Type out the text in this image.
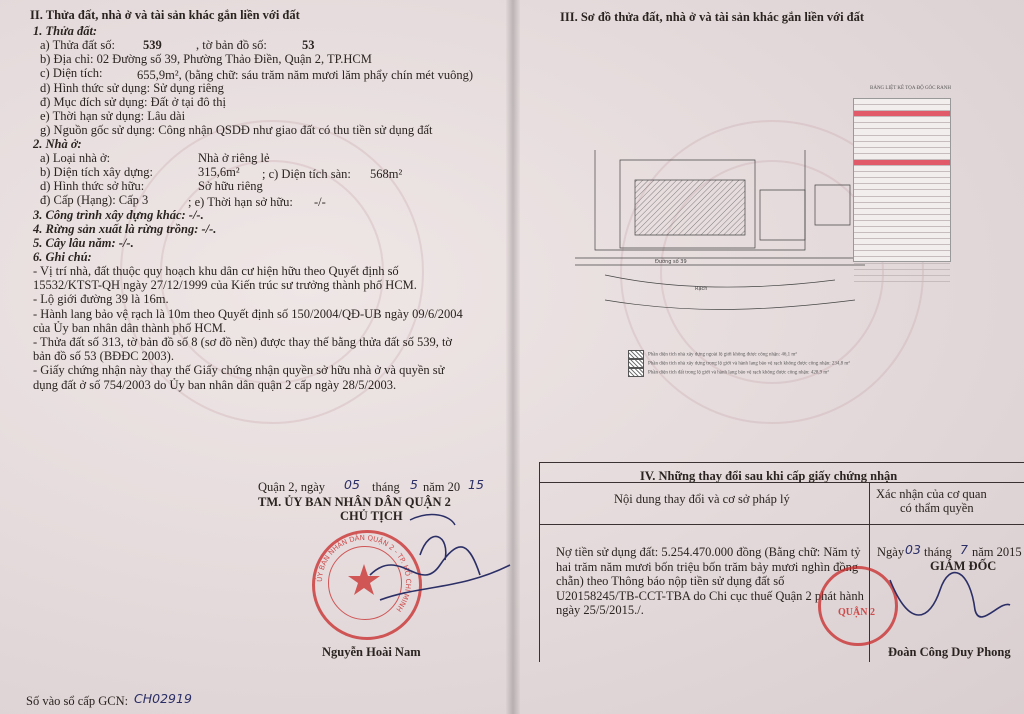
II. Thửa đất, nhà ở và tài sản khác gắn liền với đất
1. Thửa đất:
a) Thửa đất số: 539	, tờ bản đồ số:	53
b) Địa chỉ: 02 Đường số 39, Phường Thảo Điền, Quận 2, TP.HCM
c) Diện tích:	655,9m², (bằng chữ: sáu trăm năm mươi lăm phẩy chín mét vuông)
d) Hình thức sử dụng: Sử dụng riêng
đ) Mục đích sử dụng: Đất ở tại đô thị
e) Thời hạn sử dụng: Lâu dài
g) Nguồn gốc sử dụng: Công nhận QSDĐ như giao đất có thu tiền sử dụng đất
2. Nhà ở:
a) Loại nhà ở:	Nhà ở riêng lẻ
b) Diện tích xây dựng:	315,6m² ; c) Diện tích sàn: 568m²
d) Hình thức sở hữu:	Sở hữu riêng
đ) Cấp (Hạng): Cấp 3	; e) Thời hạn sở hữu: -/-
3. Công trình xây dựng khác: -/-.
4. Rừng sản xuất là rừng trồng: -/-.
5. Cây lâu năm: -/-.
6. Ghi chú:
- Vị trí nhà, đất thuộc quy hoạch khu dân cư hiện hữu theo Quyết định số
15532/KTST-QH ngày 27/12/1999 của Kiến trúc sư trưởng thành phố HCM.
- Lộ giới đường 39 là 16m.
- Hành lang bảo vệ rạch là 10m theo Quyết định số 150/2004/QĐ-UB ngày 09/6/2004
của Ủy ban nhân dân thành phố HCM.
- Thửa đất số 313, tờ bản đồ số 8 (sơ đồ nền) được thay thế bằng thửa đất số 539, tờ
bản đồ số 53 (BĐĐC 2003).
- Giấy chứng nhận này thay thế Giấy chứng nhận quyền sở hữu nhà ở và quyền sử
dụng đất ở số 754/2003 do Ủy ban nhân dân quận 2 cấp ngày 28/5/2003.
Quận 2, ngày 05 tháng 5 năm 20 15
TM. ỦY BAN NHÂN DÂN QUẬN 2
CHỦ TỊCH
ỦY BAN NHÂN DÂN QUẬN 2 - TP. HỒ CHÍ MINH
Nguyễn Hoài Nam
Số vào sổ cấp GCN: CH02919
III. Sơ đồ thửa đất, nhà ở và tài sản khác gắn liền với đất
Đường số 39
Rạch
BẢNG LIỆT KÊ TỌA ĐỘ GÓC RANH
Phần diện tích nhà xây dựng ngoài lộ giới không được công nhận: 46,1 m²
Phần diện tích nhà xây dựng trong lộ giới và hành lang bảo vệ rạch không được công nhận: 234,8 m²
Phần diện tích đất trong lộ giới và hành lang bảo vệ rạch không được công nhận: 428,9 m²
IV. Những thay đổi sau khi cấp giấy chứng nhận
Nội dung thay đổi và cơ sở pháp lý	Xác nhận của cơ quan
có thẩm quyền
Nợ tiền sử dụng đất: 5.254.470.000 đồng (Bằng chữ: Năm tỷ
hai trăm năm mươi bốn triệu bốn trăm bảy mươi nghìn đồng
chẵn) theo Thông báo nộp tiền sử dụng đất số
U20158245/TB-CCT-TBA do Chi cục thuế Quận 2 phát hành
ngày 25/5/2015./.
Ngày 03 tháng 7 năm 2015
GIÁM ĐỐC
QUẬN 2
Đoàn Công Duy Phong
